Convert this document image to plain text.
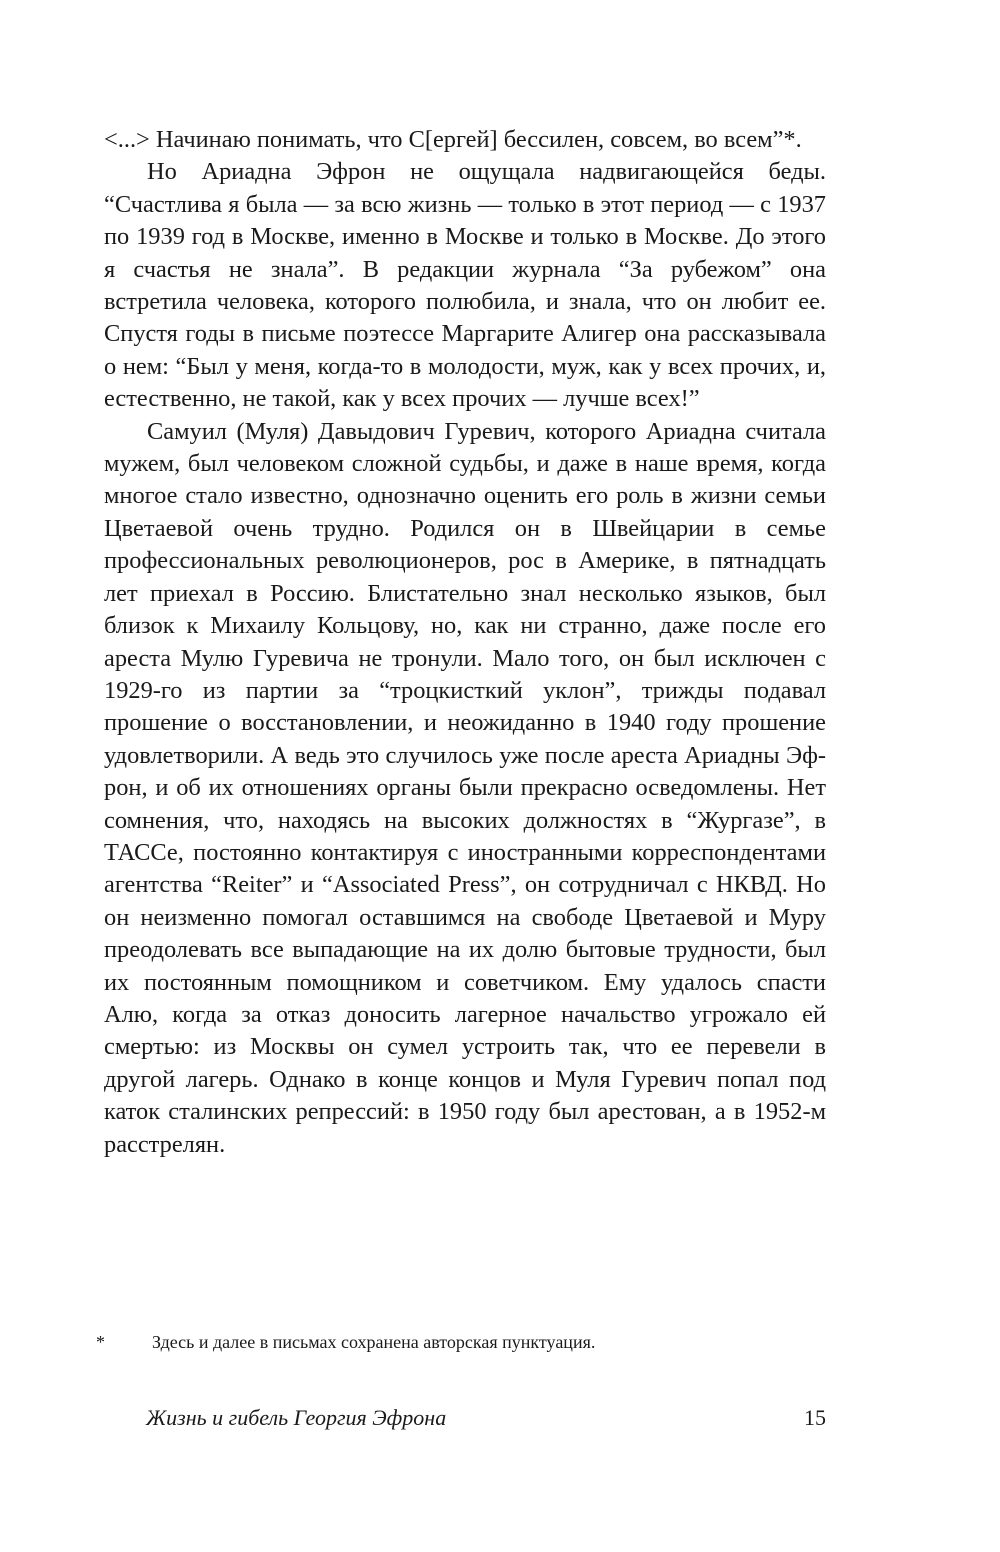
<...> Начинаю понимать, что С[ергей] бессилен, совсем, во всем”*.

Но Ариадна Эфрон не ощущала надвигающейся беды. “Счастлива я была — за всю жизнь — только в этот период — с 1937 по 1939 год в Москве, именно в Москве и только в Москве. До этого я счастья не знала”. В редакции журнала “За рубежом” она встретила человека, которого полюбила, и знала, что он любит ее. Спустя годы в письме поэтессе Маргарите Алигер она рассказывала о нем: “Был у меня, когда-то в молодости, муж, как у всех прочих, и, естественно, не такой, как у всех прочих — лучше всех!”

Самуил (Муля) Давыдович Гуревич, которого Ариадна считала мужем, был человеком сложной судьбы, и даже в наше время, когда многое стало известно, однозначно оценить его роль в жизни семьи Цветаевой очень трудно. Родился он в Швейцарии в семье профессиональных революционеров, рос в Америке, в пятнадцать лет приехал в Россию. Блистательно знал несколько языков, был близок к Михаилу Кольцову, но, как ни странно, даже после его ареста Мулю Гуревича не тронули. Мало того, он был исключен с 1929-го из партии за “троцкисткий уклон”, трижды подавал прошение о восстановлении, и неожиданно в 1940 году прошение удовлетворили. А ведь это случилось уже после ареста Ариадны Эфрон, и об их отношениях органы были прекрасно осведомлены. Нет сомнения, что, находясь на высоких должностях в “Жургазе”, в ТАССе, постоянно контактируя с иностранными корреспондентами агентства “Reiter” и “Associated Press”, он сотрудничал с НКВД. Но он неизменно помогал оставшимся на свободе Цветаевой и Муру преодолевать все выпадающие на их долю бытовые трудности, был их постоянным помощником и советчиком. Ему удалось спасти Алю, когда за отказ доносить лагерное начальство угрожало ей смертью: из Москвы он сумел устроить так, что ее перевели в другой лагерь. Однако в конце концов и Муля Гуревич попал под каток сталинских репрессий: в 1950 году был арестован, а в 1952-м расстрелян.

*	Здесь и далее в письмах сохранена авторская пунктуация.
Жизнь и гибель Георгия Эфрона	15
